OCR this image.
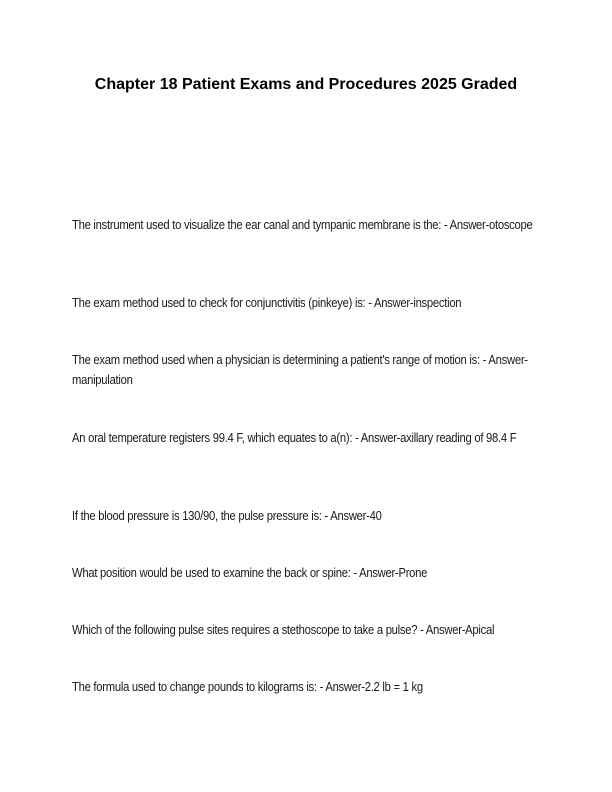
Chapter 18 Patient Exams and Procedures 2025 Graded

The instrument used to visualize the ear canal and tympanic membrane is the: - Answer-otoscope

The exam method used to check for conjunctivitis (pinkeye) is: - Answer-inspection

The exam method used when a physician is determining a patient's range of motion is: - Answer-manipulation

An oral temperature registers 99.4 F, which equates to a(n): - Answer-axillary reading of 98.4 F

If the blood pressure is 130/90, the pulse pressure is: - Answer-40

What position would be used to examine the back or spine: - Answer-Prone

Which of the following pulse sites requires a stethoscope to take a pulse? - Answer-Apical

The formula used to change pounds to kilograms is: - Answer-2.2 lb = 1 kg
